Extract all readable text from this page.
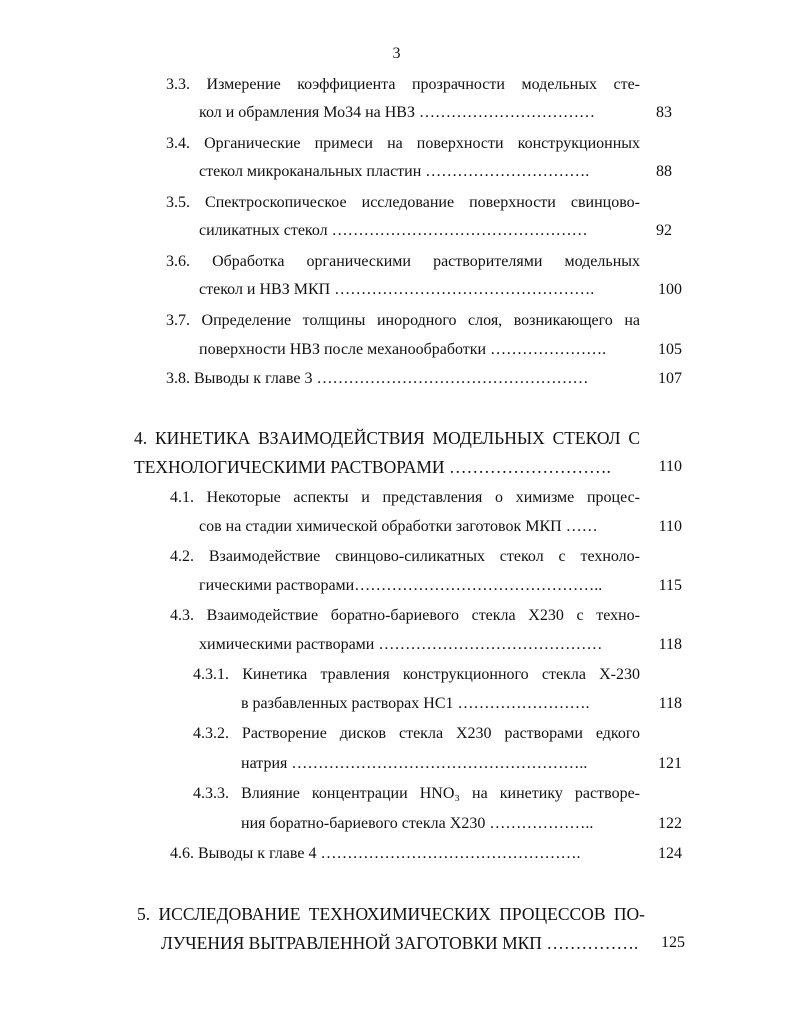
3
3.3. Измерение коэффициента прозрачности модельных сте-
кол и обрамления Мо34 на НВЗ ……………………………	83
3.4. Органические примеси на поверхности конструкционных
стекол микроканальных пластин ………………………….	88
3.5. Спектроскопическое исследование поверхности свинцово-
силикатных стекол …………………………………………	92
3.6. Обработка органическими растворителями модельных
стекол и НВЗ МКП ………………………………………….	100
3.7. Определение толщины инородного слоя, возникающего на
поверхности НВЗ после механообработки ………………….	105
3.8. Выводы к главе 3 ……………………………………………	107
4. КИНЕТИКА ВЗАИМОДЕЙСТВИЯ МОДЕЛЬНЫХ СТЕКОЛ С
ТЕХНОЛОГИЧЕСКИМИ РАСТВОРАМИ ……………………….	110
4.1. Некоторые аспекты и представления о химизме процес-
сов на стадии химической обработки заготовок МКП ……	110
4.2. Взаимодействие свинцово-силикатных стекол с техноло-
гическими растворами………………………………………..	115
4.3. Взаимодействие боратно-бариевого стекла Х230 с техно-
химическими растворами ……………………………………	118
4.3.1. Кинетика травления конструкционного стекла Х-230
в разбавленных растворах НС1 …………………….	118
4.3.2. Растворение дисков стекла Х230 растворами едкого
натрия ………………………………………………..	121
4.3.3. Влияние концентрации HNO₃ на кинетику растворе-
ния боратно-бариевого стекла Х230 ………………..	122
4.6. Выводы к главе 4 ………………………………………….	124
5. ИССЛЕДОВАНИЕ ТЕХНОХИМИЧЕСКИХ ПРОЦЕССОВ ПО-
ЛУЧЕНИЯ ВЫТРАВЛЕННОЙ ЗАГОТОВКИ МКП …………….	125
